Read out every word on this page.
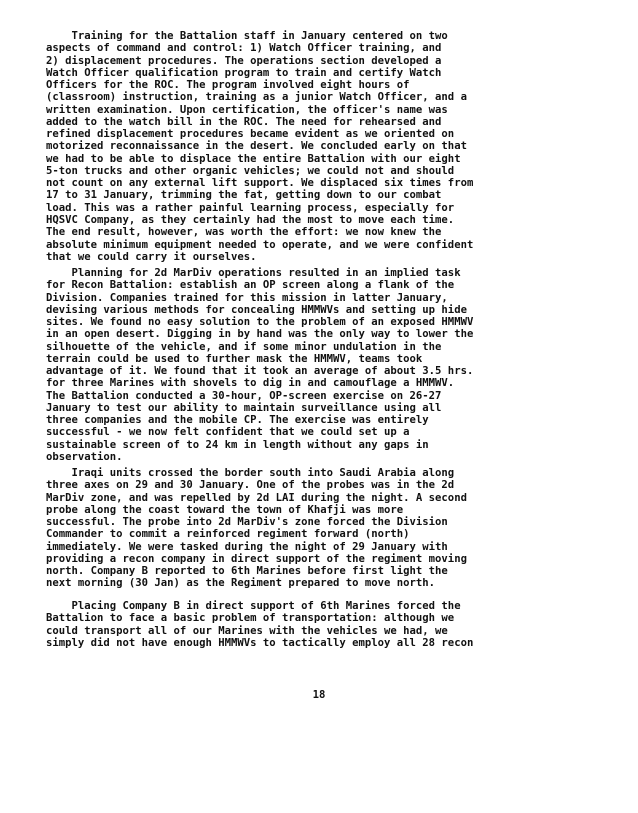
Training for the Battalion staff in January centered on two
aspects of command and control: 1) Watch Officer training, and
2) displacement procedures. The operations section developed a
Watch Officer qualification program to train and certify Watch
Officers for the ROC. The program involved eight hours of
(classroom) instruction, training as a junior Watch Officer, and a
written examination. Upon certification, the officer's name was
added to the watch bill in the ROC. The need for rehearsed and
refined displacement procedures became evident as we oriented on
motorized reconnaissance in the desert. We concluded early on that
we had to be able to displace the entire Battalion with our eight
5-ton trucks and other organic vehicles; we could not and should
not count on any external lift support. We displaced six times from
17 to 31 January, trimming the fat, getting down to our combat
load. This was a rather painful learning process, especially for
HQSVC Company, as they certainly had the most to move each time.
The end result, however, was worth the effort: we now knew the
absolute minimum equipment needed to operate, and we were confident
that we could carry it ourselves.
Planning for 2d MarDiv operations resulted in an implied task
for Recon Battalion: establish an OP screen along a flank of the
Division. Companies trained for this mission in latter January,
devising various methods for concealing HMMWVs and setting up hide
sites. We found no easy solution to the problem of an exposed HMMWV
in an open desert. Digging in by hand was the only way to lower the
silhouette of the vehicle, and if some minor undulation in the
terrain could be used to further mask the HMMWV, teams took
advantage of it. We found that it took an average of about 3.5 hrs.
for three Marines with shovels to dig in and camouflage a HMMWV.
The Battalion conducted a 30-hour, OP-screen exercise on 26-27
January to test our ability to maintain surveillance using all
three companies and the mobile CP. The exercise was entirely
successful - we now felt confident that we could set up a
sustainable screen of to 24 km in length without any gaps in
observation.
Iraqi units crossed the border south into Saudi Arabia along
three axes on 29 and 30 January. One of the probes was in the 2d
MarDiv zone, and was repelled by 2d LAI during the night. A second
probe along the coast toward the town of Khafji was more
successful. The probe into 2d MarDiv's zone forced the Division
Commander to commit a reinforced regiment forward (north)
immediately. We were tasked during the night of 29 January with
providing a recon company in direct support of the regiment moving
north. Company B reported to 6th Marines before first light the
next morning (30 Jan) as the Regiment prepared to move north.
Placing Company B in direct support of 6th Marines forced the
Battalion to face a basic problem of transportation: although we
could transport all of our Marines with the vehicles we had, we
simply did not have enough HMMWVs to tactically employ all 28 recon
18
